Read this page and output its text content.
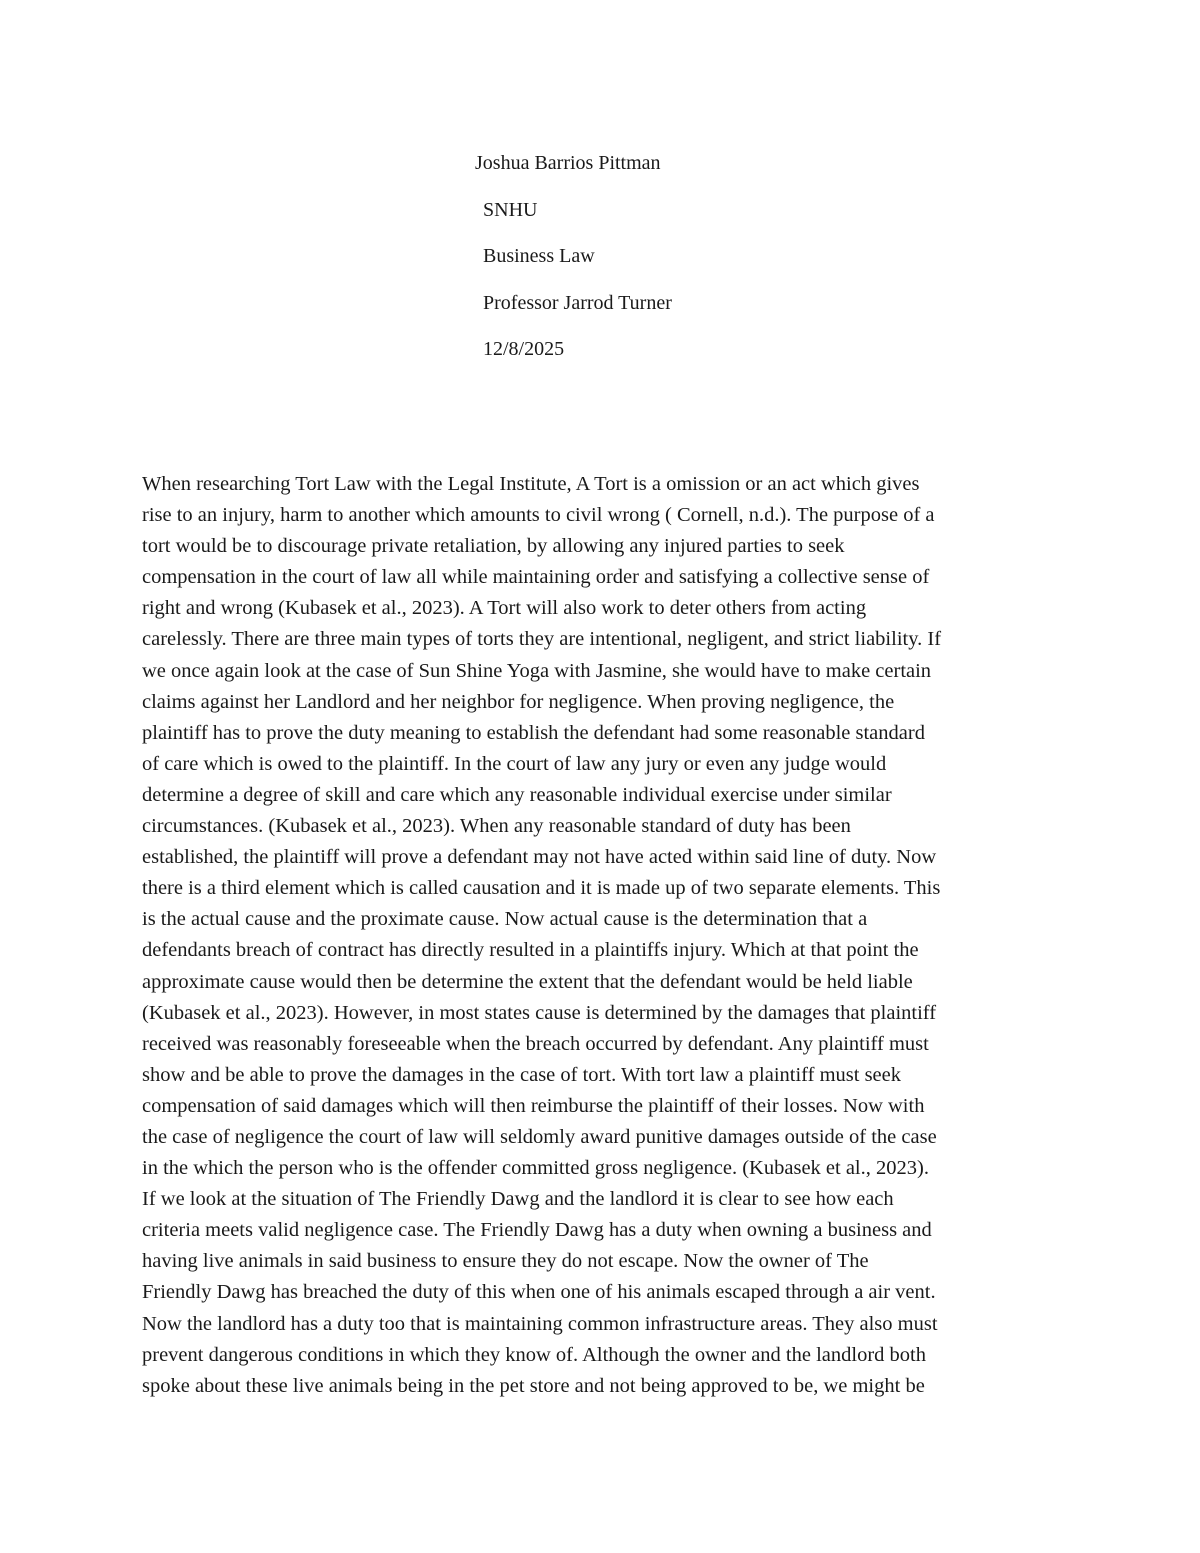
Joshua Barrios Pittman

SNHU

Business Law

Professor Jarrod Turner

12/8/2025

When researching Tort Law with the Legal Institute, A Tort is a omission or an act which gives

rise to an injury, harm to another which amounts to civil wrong ( Cornell, n.d.). The purpose of a

tort would be to discourage private retaliation, by allowing any injured parties to seek

compensation in the court of law all while maintaining order and satisfying a collective sense of

right and wrong (Kubasek et al., 2023). A Tort will also work to deter others from acting

carelessly. There are three main types of torts they are intentional, negligent, and strict liability. If

we once again look at the case of Sun Shine Yoga with Jasmine, she would have to make certain

claims against her Landlord and her neighbor for negligence. When proving negligence, the

plaintiff has to prove the duty meaning to establish the defendant had some reasonable standard

of care which is owed to the plaintiff. In the court of law any jury or even any judge would

determine a degree of skill and care which any reasonable individual exercise under similar

circumstances. (Kubasek et al., 2023). When any reasonable standard of duty has been

established, the plaintiff will prove a defendant may not have acted within said line of duty. Now

there is a third element which is called causation and it is made up of two separate elements. This

is the actual cause and the proximate cause. Now actual cause is the determination that a

defendants breach of contract has directly resulted in a plaintiffs injury. Which at that point the

approximate cause would then be determine the extent that the defendant would be held liable

(Kubasek et al., 2023). However, in most states cause is determined by the damages that plaintiff

received was reasonably foreseeable when the breach occurred by defendant. Any plaintiff must

show and be able to prove the damages in the case of tort. With tort law a plaintiff must seek

compensation of said damages which will then reimburse the plaintiff of their losses. Now with

the case of negligence the court of law will seldomly award punitive damages outside of the case

in the which the person who is the offender committed gross negligence. (Kubasek et al., 2023).

If we look at the situation of The Friendly Dawg and the landlord it is clear to see how each

criteria meets valid negligence case. The Friendly Dawg has a duty when owning a business and

having live animals in said business to ensure they do not escape. Now the owner of The

Friendly Dawg has breached the duty of this when one of his animals escaped through a air vent.

Now the landlord has a duty too that is maintaining common infrastructure areas. They also must

prevent dangerous conditions in which they know of. Although the owner and the landlord both

spoke about these live animals being in the pet store and not being approved to be, we might be
